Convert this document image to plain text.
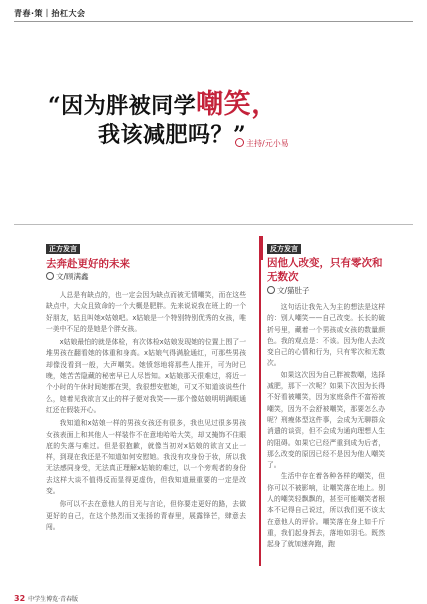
青春·策｜抬杠大会
“因为胖被同学嘲笑，
我该减肥吗？” 主持/元小易
正方发言
去奔赴更好的未来
文/顾满鑫

人总是有缺点的，也一定会因为缺点而被无情嘲笑，而在这些缺点中，大众且致命的一个大概是肥胖。先来说说我在班上的一个好朋友，姑且叫她x姑娘吧。x姑娘是一个特别特别优秀的女孩，唯一美中不足的是她是个胖女孩。

x姑娘最怕的就是体检，有次体检x姑娘发现她的位置上围了一堆男孩在翻看她的体重和身高。x姑娘气得满脸通红，可那些男孩却像没看到一般，大声嘲笑。她愤怒地将那些人推开，可为时已晚，她苦苦隐藏的秘密早已人尽皆知。x姑娘那天很难过，将近一个小时的午休时间她都在哭，我很想安慰她，可又不知道该说些什么，她着见我欲言又止的样子便对我笑——那个像姑娘明明满眼通红还在假装开心。

我知道和x姑娘一样的男孩女孩还有很多，我也见过很多男孩女孩表面上和其他人一样装作不在意地哈哈大笑，却又掩饰不住眼底的失落与难过。但是很抱歉，就像当初对x姑娘的欲言又止一样，到现在我还是不知道如何安慰她。我没有攻身份于妆，所以我无法感同身受，无法真正理解x姑娘的难过，以一个旁观者的身份去这样大谈不值得反而显得更虚伪，但我知道最重要的一定是改变。

你可以不去在意他人的目光与言论，但你要走更好的路，去做更好的自己，在这个热烈而又张扬的青春里，展露锋芒，肆意去闯。

反方发言
因他人改变，只有零次和无数次
文/猫肚子

这句话让我先入为主的想法是这样的：别人嘲笑——自己改变。长长的破折号里，藏着一个男孩或女孩的数量颜色。我的观点是：不该。因为他人去改变自己的心情和行为，只有零次和无数次。

如果这次因为自己胖被数嘲，选择减肥，那下一次呢？如果下次因为长得不好看被嘲笑，因为家庭条件不富裕被嘲笑，因为不会舒被嘲笑，那要怎么办呢？刑瘦体型这件事，会成为无聊群众消遣的谈资，但不会成为通向理想人生的阻碍。如果它已经严重到成为后者，那么改变的原因已经不是因为他人嘲笑了。

生活中存在着各种各样的嘲笑，但你可以不被影响，让嘲笑落在地上。别人的嘲笑轻飘飘的，甚至可能嘲笑者根本不记得自己说过，所以我们更不该太在意他人的评价。嘲笑落在身上如千斤重，我们起身挥去，落地如羽毛。既然起身了就加速奔跑，跑

32 中学生博览·青春版
